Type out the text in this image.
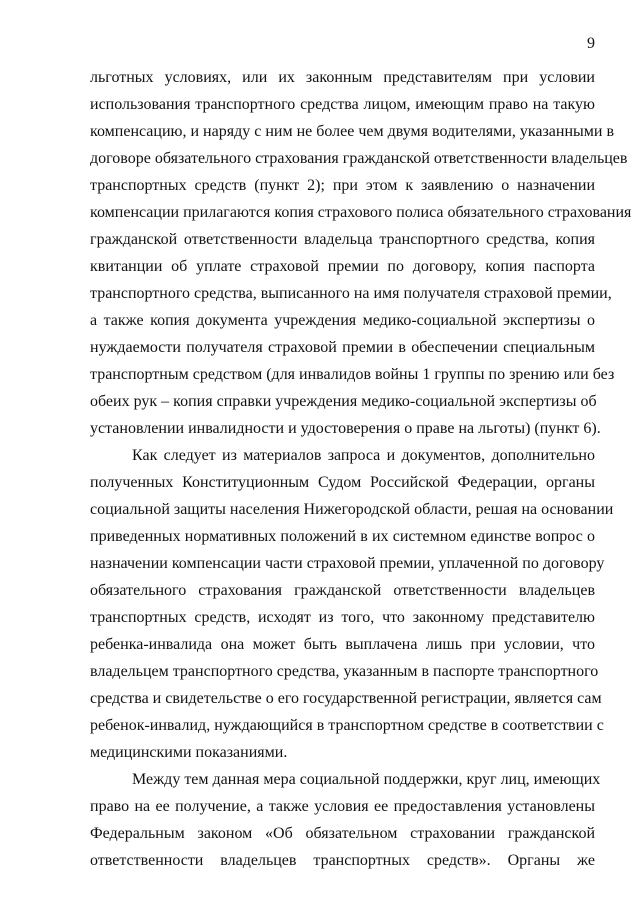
9
льготных условиях, или их законным представителям при условии
использования транспортного средства лицом, имеющим право на такую
компенсацию, и наряду с ним не более чем двумя водителями, указанными в
договоре обязательного страхования гражданской ответственности владельцев
транспортных средств (пункт 2); при этом к заявлению о назначении
компенсации прилагаются копия страхового полиса обязательного страхования
гражданской ответственности владельца транспортного средства, копия
квитанции об уплате страховой премии по договору, копия паспорта
транспортного средства, выписанного на имя получателя страховой премии,
а также копия документа учреждения медико-социальной экспертизы о
нуждаемости получателя страховой премии в обеспечении специальным
транспортным средством (для инвалидов войны 1 группы по зрению или без
обеих рук – копия справки учреждения медико-социальной экспертизы об
установлении инвалидности и удостоверения о праве на льготы) (пункт 6).
Как следует из материалов запроса и документов, дополнительно
полученных Конституционным Судом Российской Федерации, органы
социальной защиты населения Нижегородской области, решая на основании
приведенных нормативных положений в их системном единстве вопрос о
назначении компенсации части страховой премии, уплаченной по договору
обязательного страхования гражданской ответственности владельцев
транспортных средств, исходят из того, что законному представителю
ребенка-инвалида она может быть выплачена лишь при условии, что
владельцем транспортного средства, указанным в паспорте транспортного
средства и свидетельстве о его государственной регистрации, является сам
ребенок-инвалид, нуждающийся в транспортном средстве в соответствии с
медицинскими показаниями.
Между тем данная мера социальной поддержки, круг лиц, имеющих
право на ее получение, а также условия ее предоставления установлены
Федеральным законом «Об обязательном страховании гражданской
ответственности владельцев транспортных средств». Органы же
